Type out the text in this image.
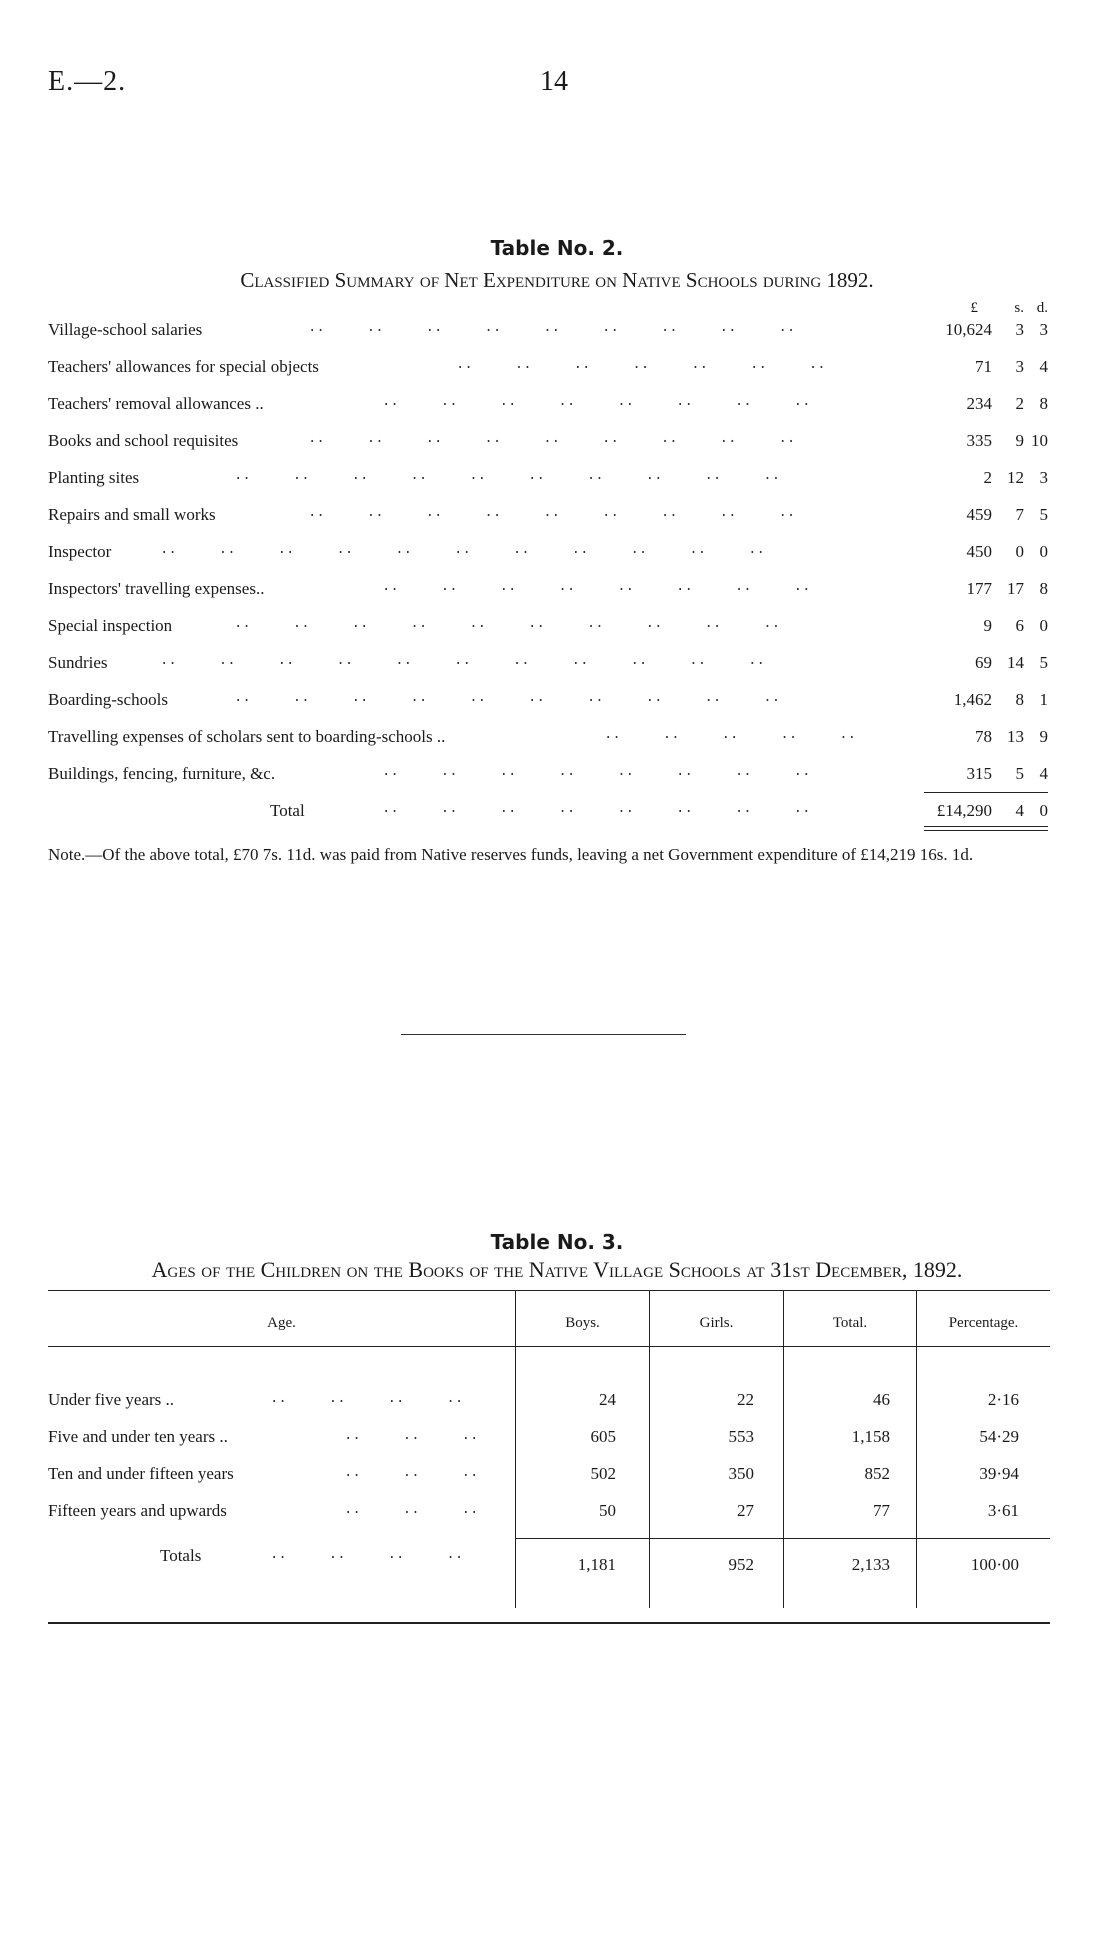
E.—2.	14
Table No. 2.
Classified Summary of Net Expenditure on Native Schools during 1892.
£ s. d.
Village-school salaries	..     ..     ..     ..     ..     ..     ..     ..     ..	10,624	3 3
Teachers' allowances for special objects	..     ..     ..     ..     ..     ..     ..	71	3 4
Teachers' removal allowances ..	..     ..     ..     ..     ..     ..     ..     ..	234	2 8
Books and school requisites	..     ..     ..     ..     ..     ..     ..     ..     ..	335	9 10
Planting sites	..     ..     ..     ..     ..     ..     ..     ..     ..     ..	2 12 3
Repairs and small works	..     ..     ..     ..     ..     ..     ..     ..     ..	459	7 5
Inspector	..     ..     ..     ..     ..     ..     ..     ..     ..     ..     ..	450	0 0
Inspectors' travelling expenses..	..     ..     ..     ..     ..     ..     ..     ..	177 17 8
Special inspection	..     ..     ..     ..     ..     ..     ..     ..     ..     ..	9	6 0
Sundries	..     ..     ..     ..     ..     ..     ..     ..     ..     ..     ..	69 14 5
Boarding-schools	..     ..     ..     ..     ..     ..     ..     ..     ..     ..	1,462	8 1
Travelling expenses of scholars sent to boarding-schools ..	..     ..     ..     ..     ..	78 13 9
Buildings, fencing, furniture, &c.	..     ..     ..     ..     ..     ..     ..     ..	315	5 4
Total	..     ..     ..     ..     ..     ..     ..     ..	£14,290	4 0
Note.—Of the above total, £70 7s. 11d. was paid from Native reserves funds, leaving a net Government expenditure of £14,219 16s. 1d.
Table No. 3.
Ages of the Children on the Books of the Native Village Schools at 31st December, 1892.
Age.	Boys.	Girls.	Total.	Percentage.
Under five years ..	..     ..     ..     ..	24	22	46	2·16
Five and under ten years ..	..     ..     ..	605	553	1,158	54·29
Ten and under fifteen years	..     ..     ..	502	350	852	39·94
Fifteen years and upwards	..     ..     ..	50	27	77	3·61
Totals	..     ..     ..     ..	1,181	952	2,133	100·00
